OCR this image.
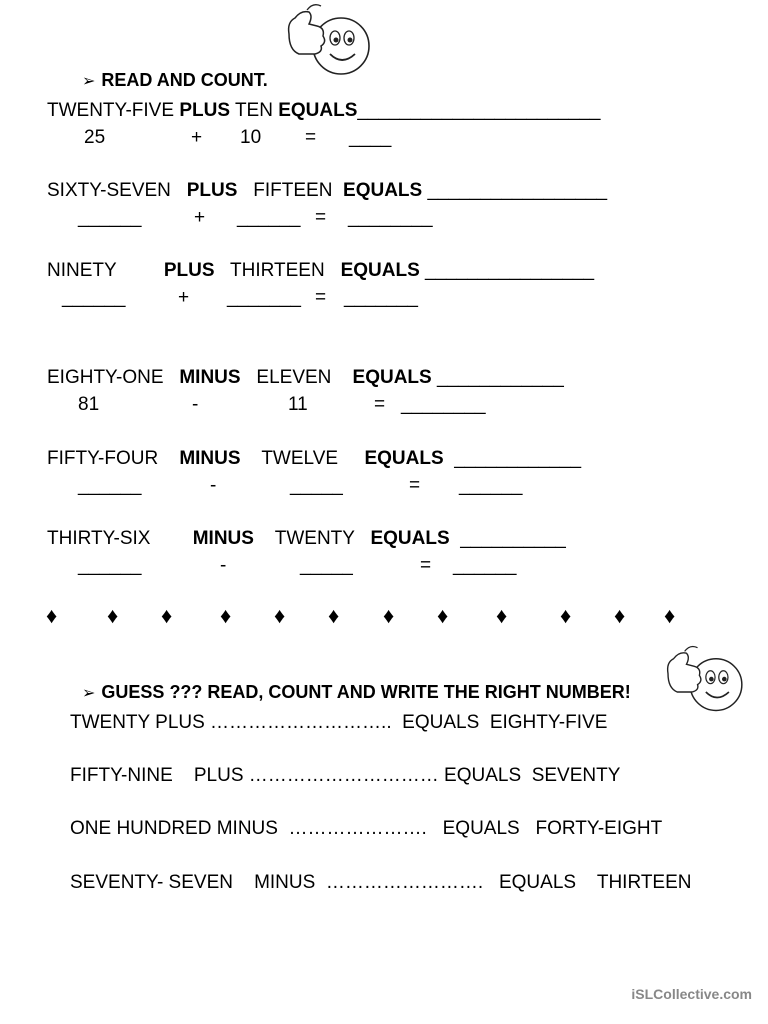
➢ READ AND COUNT.

TWENTY-FIVE PLUS TEN EQUALS_______________________
25	+ 10 = ____
SIXTY-SEVEN PLUS FIFTEEN EQUALS _________________
______	+ ______ = ________
NINETY	PLUS THIRTEEN EQUALS ________________
______	+ _______ = _______
EIGHTY-ONE MINUS ELEVEN EQUALS ____________
81	-	11	= ________
FIFTY-FOUR MINUS TWELVE EQUALS ____________
______	-	_____	= ______
THIRTY-SIX MINUS TWENTY EQUALS __________
______	-	_____	= ______
♦ ♦ ♦ ♦ ♦ ♦ ♦ ♦ ♦ ♦ ♦ ♦

➢ GUESS ??? READ, COUNT AND WRITE THE RIGHT NUMBER!

TWENTY PLUS ………………………..  EQUALS  EIGHTY-FIVE
FIFTY-NINE    PLUS ………………………… EQUALS  SEVENTY
ONE HUNDRED MINUS  ………………….   EQUALS   FORTY-EIGHT
SEVENTY- SEVEN    MINUS  …………………….   EQUALS    THIRTEEN
iSLCollective.com
